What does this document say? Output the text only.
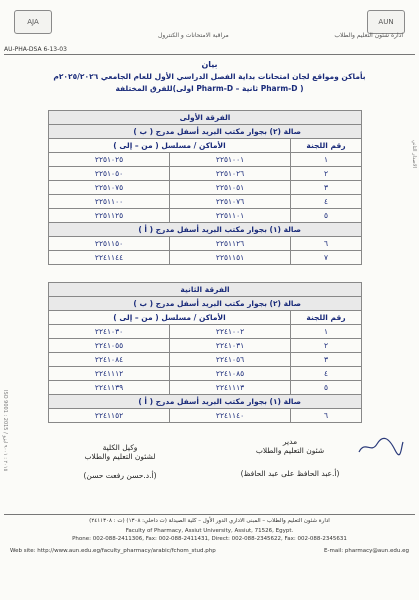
AJA	AUN
ادارة شئون التعليم والطلاب
مراقبة الامتحانات و الكنترول
AU-PHA-DSA 6-13-03
بيان
بأماكن ومواقع لجان امتحانات بداية الفصل الدراسي الأول للعام الجامعي ٢٠٢٥/٢٠٢٦م
للفرق المختلفة(اولى Pharm-D – ثانية Pharm-D )
الفرقة الأولى		
صالة (٢) بجوار مكتب البريد أسفل مدرج ( ب )		
رقم اللجنة	الأماكن / مسلسل ( من – إلى )	
١	٢٢٥١٠٠١	٢٢٥١٠٢٥
٢	٢٢٥١٠٢٦	٢٢٥١٠٥٠
٣	٢٢٥١٠٥١	٢٢٥١٠٧٥
٤	٢٢٥١٠٧٦	٢٢٥١١٠٠
٥	٢٢٥١١٠١	٢٢٥١١٢٥
صالة (١) بجوار مكتب البريد أسفل مدرج ( أ )		
٦	٢٢٥١١٢٦	٢٢٥١١٥٠
٧	٢٢٥١١٥١	٢٢٤١١٤٤
الفرقة الثانية		
صالة (٢) بجوار مكتب البريد أسفل مدرج ( ب )		
رقم اللجنة	الأماكن / مسلسل ( من – إلى )	
١	٢٢٤١٠٠٢	٢٢٤١٠٣٠
٢	٢٢٤١٠٣١	٢٢٤١٠٥٥
٣	٢٢٤١٠٥٦	٢٢٤١٠٨٤
٤	٢٢٤١٠٨٥	٢٢٤١١١٢
٥	٢٢٤١١١٣	٢٢٤١١٣٩
صالة (١) بجوار مكتب البريد أسفل مدرج ( أ )		
٦	٢٢٤١١٤٠	٢٢٤١١٥٢
وكيل الكلية
لشئون التعليم والطلاب
(أ.د.حسن رفعت حسن)
مدير
شئون التعليم والطلاب
(أ.عبد الحافظ على عبد الحافظ)
ادارة شئون التعليم والطلاب – المبنى الاداري الدور الأول – كلية الصيدلة (ت داخلي: ١٣٠٨) (ت : ٢٤١١٣٠٨)
Faculty of Pharmacy, Assiut University, Assiut, 71526, Egypt.
Phone: 002-088-2411306, Fax: 002-088-2411431, Direct: 002-088-2345622, Fax: 002-088-2345631
Web site: http://www.aun.edu.eg/faculty_pharmacy/arabic/fchom_stud.php	E-mail: pharmacy@aun.edu.eg
ISO 9001 : 2015 / ٢٠١٥ : ٩٠٠١ ايزو
الاصدار الثاني
